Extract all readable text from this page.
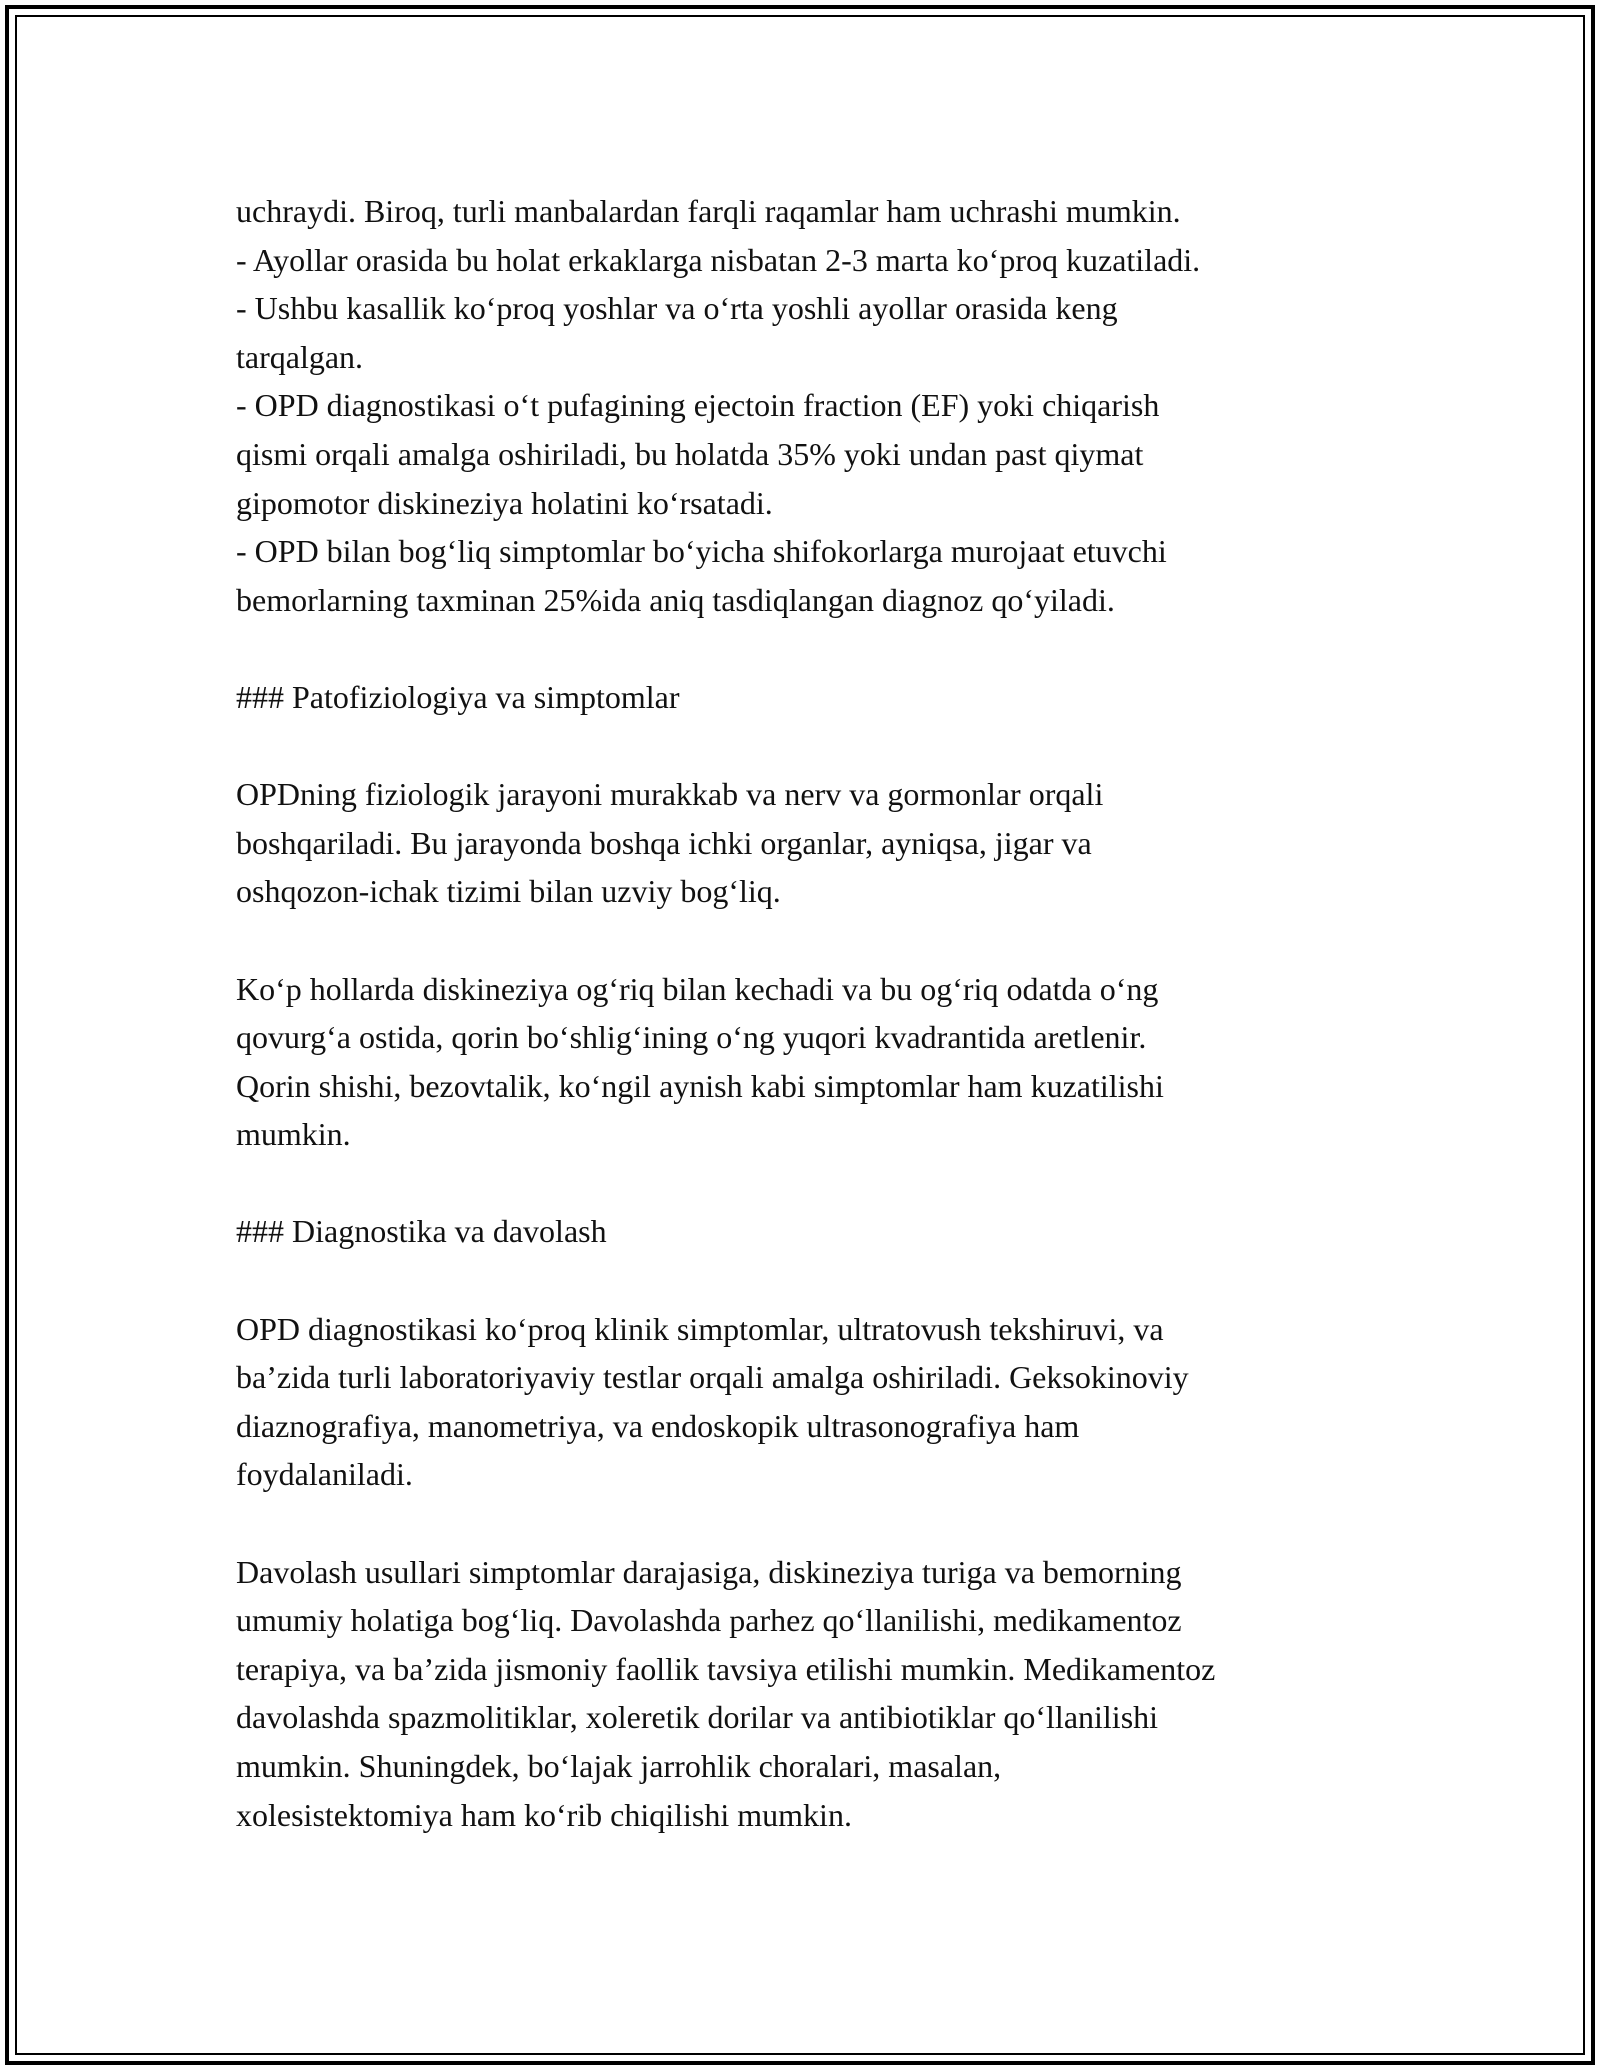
uchraydi. Biroq, turli manbalardan farqli raqamlar ham uchrashi mumkin.
- Ayollar orasida bu holat erkaklarga nisbatan 2-3 marta ko‘proq kuzatiladi.
- Ushbu kasallik ko‘proq yoshlar va o‘rta yoshli ayollar orasida keng
tarqalgan.
- OPD diagnostikasi o‘t pufagining ejectoin fraction (EF) yoki chiqarish
qismi orqali amalga oshiriladi, bu holatda 35% yoki undan past qiymat
gipomotor diskineziya holatini ko‘rsatadi.
- OPD bilan bog‘liq simptomlar bo‘yicha shifokorlarga murojaat etuvchi
bemorlarning taxminan 25%ida aniq tasdiqlangan diagnoz qo‘yiladi.
### Patofiziologiya va simptomlar
OPDning fiziologik jarayoni murakkab va nerv va gormonlar orqali
boshqariladi. Bu jarayonda boshqa ichki organlar, ayniqsa, jigar va
oshqozon-ichak tizimi bilan uzviy bog‘liq.
Ko‘p hollarda diskineziya og‘riq bilan kechadi va bu og‘riq odatda o‘ng
qovurg‘a ostida, qorin bo‘shlig‘ining o‘ng yuqori kvadrantida aretlenir.
Qorin shishi, bezovtalik, ko‘ngil aynish kabi simptomlar ham kuzatilishi
mumkin.
### Diagnostika va davolash
OPD diagnostikasi ko‘proq klinik simptomlar, ultratovush tekshiruvi, va
ba’zida turli laboratoriyaviy testlar orqali amalga oshiriladi. Geksokinoviy
diaznografiya, manometriya, va endoskopik ultrasonografiya ham
foydalaniladi.
Davolash usullari simptomlar darajasiga, diskineziya turiga va bemorning
umumiy holatiga bog‘liq. Davolashda parhez qo‘llanilishi, medikamentoz
terapiya, va ba’zida jismoniy faollik tavsiya etilishi mumkin. Medikamentoz
davolashda spazmolitiklar, xoleretik dorilar va antibiotiklar qo‘llanilishi
mumkin. Shuningdek, bo‘lajak jarrohlik choralari, masalan,
xolesistektomiya ham ko‘rib chiqilishi mumkin.
